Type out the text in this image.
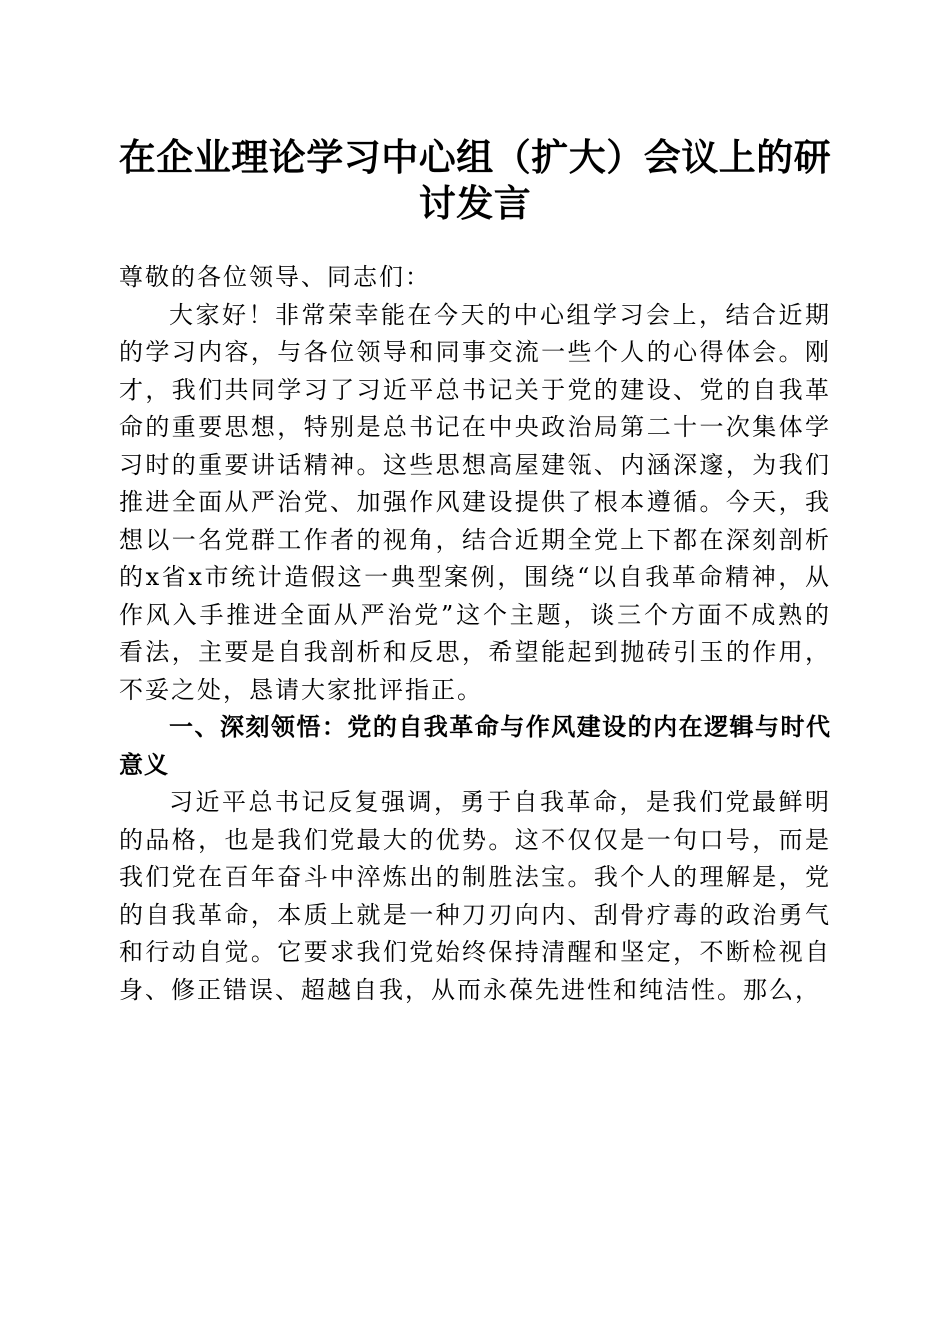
在企业理论学习中心组（扩大）会议上的研讨发言

尊敬的各位领导、同志们：

大家好！非常荣幸能在今天的中心组学习会上，结合近期的学习内容，与各位领导和同事交流一些个人的心得体会。刚才，我们共同学习了习近平总书记关于党的建设、党的自我革命的重要思想，特别是总书记在中央政治局第二十一次集体学习时的重要讲话精神。这些思想高屋建瓴、内涵深邃，为我们推进全面从严治党、加强作风建设提供了根本遵循。今天，我想以一名党群工作者的视角，结合近期全党上下都在深刻剖析的x省x市统计造假这一典型案例，围绕“以自我革命精神，从作风入手推进全面从严治党”这个主题，谈三个方面不成熟的看法，主要是自我剖析和反思，希望能起到抛砖引玉的作用，不妥之处，恳请大家批评指正。

一、深刻领悟：党的自我革命与作风建设的内在逻辑与时代意义

习近平总书记反复强调，勇于自我革命，是我们党最鲜明的品格，也是我们党最大的优势。这不仅仅是一句口号，而是我们党在百年奋斗中淬炼出的制胜法宝。我个人的理解是，党的自我革命，本质上就是一种刀刃向内、刮骨疗毒的政治勇气和行动自觉。它要求我们党始终保持清醒和坚定，不断检视自身、修正错误、超越自我，从而永葆先进性和纯洁性。那么，
